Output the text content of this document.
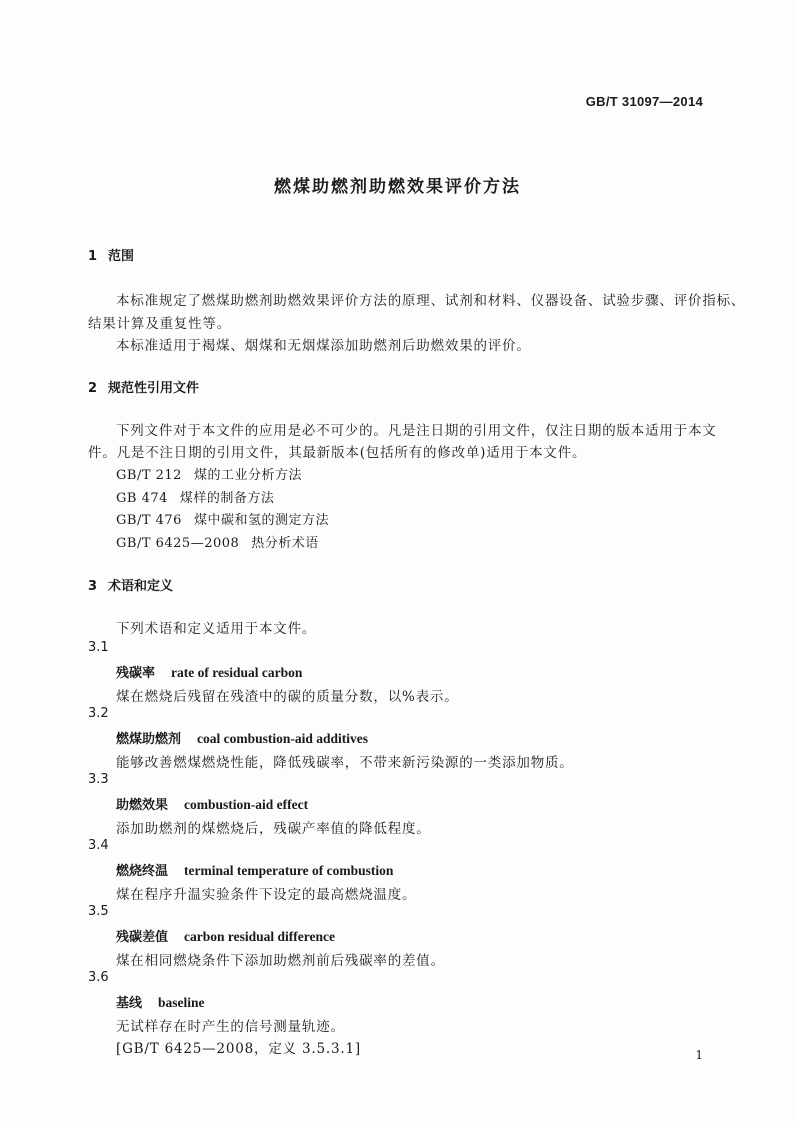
GB/T 31097—2014
燃煤助燃剂助燃效果评价方法
1 范围
本标准规定了燃煤助燃剂助燃效果评价方法的原理、试剂和材料、仪器设备、试验步骤、评价指标、
结果计算及重复性等。
本标准适用于褐煤、烟煤和无烟煤添加助燃剂后助燃效果的评价。
2 规范性引用文件
下列文件对于本文件的应用是必不可少的。凡是注日期的引用文件，仅注日期的版本适用于本文
件。凡是不注日期的引用文件，其最新版本(包括所有的修改单)适用于本文件。
GB/T 212 煤的工业分析方法
GB 474 煤样的制备方法
GB/T 476 煤中碳和氢的测定方法
GB/T 6425—2008 热分析术语
3 术语和定义
下列术语和定义适用于本文件。
3.1
残碳率 rate of residual carbon
煤在燃烧后残留在残渣中的碳的质量分数，以%表示。
3.2
燃煤助燃剂 coal combustion-aid additives
能够改善燃煤燃烧性能，降低残碳率，不带来新污染源的一类添加物质。
3.3
助燃效果 combustion-aid effect
添加助燃剂的煤燃烧后，残碳产率值的降低程度。
3.4
燃烧终温 terminal temperature of combustion
煤在程序升温实验条件下设定的最高燃烧温度。
3.5
残碳差值 carbon residual difference
煤在相同燃烧条件下添加助燃剂前后残碳率的差值。
3.6
基线 baseline
无试样存在时产生的信号测量轨迹。
[GB/T 6425—2008，定义 3.5.3.1]	1
